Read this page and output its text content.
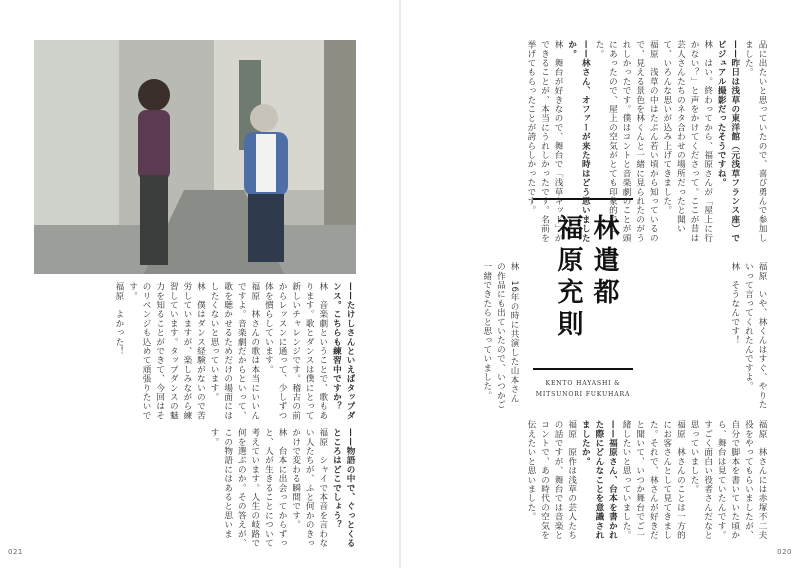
林遣都
福原充則
KENTO HAYASHI &
MITSUNORI FUKUHARA

品に出たいと思っていたので、喜び勇んで参加しました。

——昨日は浅草の東洋館（元浅草フランス座）でビジュアル撮影だったそうですね。

林　はい。終わってから、福原さんが「屋上に行かない？」と声をかけてくださって。ここが昔は芸人さんたちのネタ合わせの場所だったと聞いて、いろんな思いが込み上げてきました。

福原　浅草の中はたぶん若い頃から知っているので、見える景色を林くんと一緒に見られたのがうれしかったです。僕はコントと音楽劇のことが頭にあったので、屋上の空気がとても印象的でした。

——林さん、オファーが来た時はどう思いましたか。

林　舞台が好きなので、舞台で「浅草キッド」ができることが、本当にうれしかったです。名前を挙げてもらったことが誇らしかったです。

福原　いや、林くんはすぐ、やりたいって言ってくれたんですよ。

林　そうなんです！

林　16年の時に共演した山本さんの作品にも出ていたので、いつかご一緒できたらと思っていました。

福原　林さんには赤塚不二夫役をやってもらいましたが、自分で脚本を書いていた頃から、舞台は見ていたんです。すごく面白い役者さんだなと思っていました。

福原　林さんのことは一方的にお客さんとして見てきました。それで、林さんが好きだと聞いて、いつか舞台でご一緒したいと思っていました。

——福原さん、台本を書かれた際にどんなことを意識されましたか。

福原　原作は浅草の芸人たちの話ですが、舞台では音楽とコントで、あの時代の空気を伝えたいと思いました。

——たけしさんといえばタップダンス。こちらも練習中ですか？

林　音楽劇ということで、歌もあります。歌とダンスは僕にとって新しいチャレンジです。稽古の前からレッスンに通って、少しずつ体を慣らしています。

福原　林さんの歌は本当にいいんですよ。音楽劇だからといって、歌を聴かせるためだけの場面にはしたくないと思っています。

林　僕はダンス経験がないので苦労していますが、楽しみながら練習しています。タップダンスの魅力を知ることができて、今回はそのリベンジも込めて頑張りたいです。

福原　よかった！

——物語の中で、ぐっとくるところはどこでしょう？

福原　シャイで本音を言わない人たちが、ふと何かのきっかけで変わる瞬間です。

林　台本に出会ってからずっと、人が生きることについて考えています。人生の岐路で何を選ぶのか。その答えが、この物語にはあると思います。

021	020
